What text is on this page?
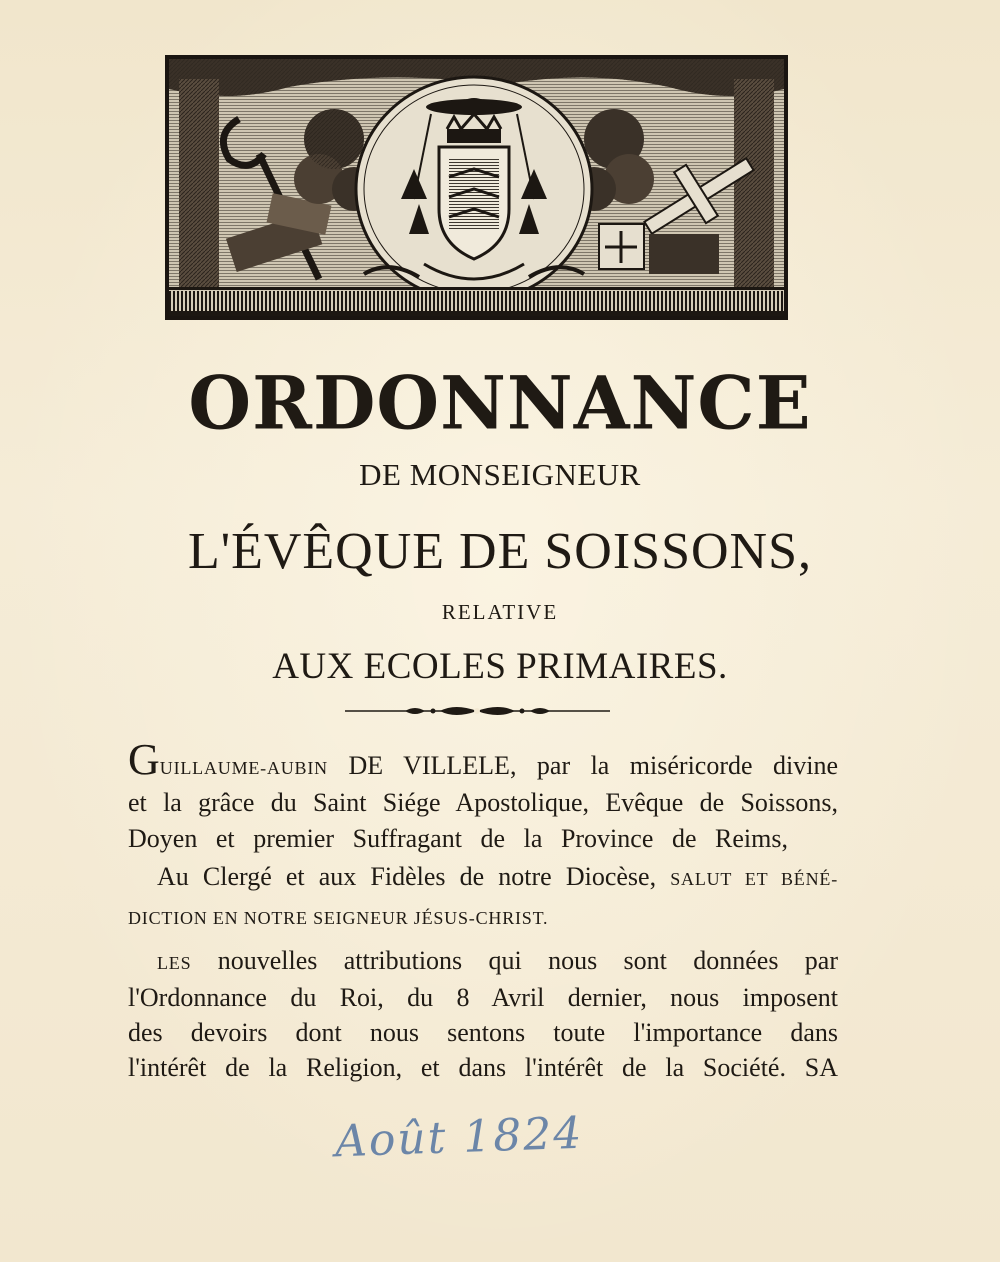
ORDONNANCE
DE MONSEIGNEUR
L'ÉVÊQUE DE SOISSONS,
RELATIVE
AUX ECOLES PRIMAIRES.
GUILLAUME-AUBIN DE VILLELE, par la miséricorde divine
et la grâce du Saint Siége Apostolique, Evêque de Soissons,
Doyen et premier Suffragant de la Province de Reims,
Au Clergé et aux Fidèles de notre Diocèse, SALUT ET BÉNÉ-
DICTION EN NOTRE SEIGNEUR JÉSUS-CHRIST.
LES nouvelles attributions qui nous sont données par
l'Ordonnance du Roi, du 8 Avril dernier, nous imposent
des devoirs dont nous sentons toute l'importance dans
l'intérêt de la Religion, et dans l'intérêt de la Société. SA
Août 1824
